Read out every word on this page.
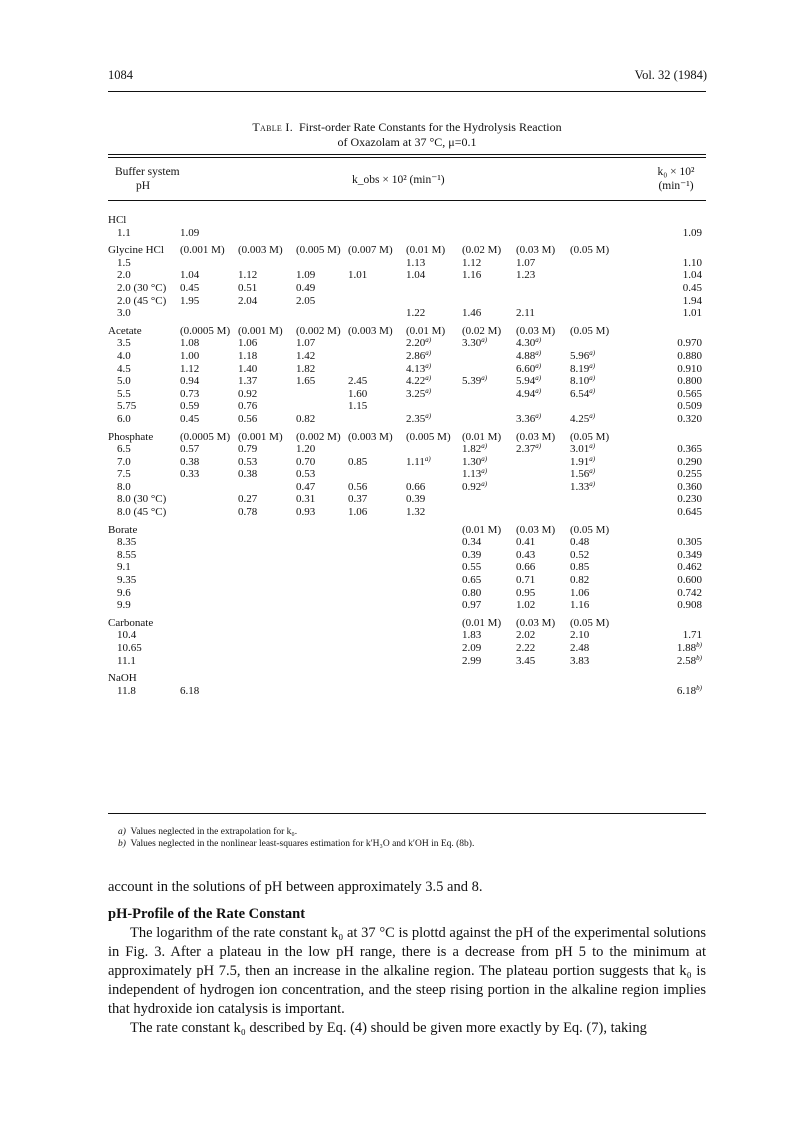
1084	Vol. 32 (1984)
Table I. First-order Rate Constants for the Hydrolysis Reaction
of Oxazolam at 37 °C, μ=0.1
Buffer system
pH	k_obs × 10² (min⁻¹)
k₀ × 10²
(min⁻¹)
HCl									
1.1	1.09								1.09

Glycine HCl	(0.001 M)	(0.003 M)	(0.005 M)	(0.007 M)	(0.01 M)	(0.02 M)	(0.03 M)	(0.05 M)	
1.5					1.13	1.12	1.07		1.10
2.0	1.04	1.12	1.09	1.01	1.04	1.16	1.23		1.04
2.0 (30 °C)	0.45	0.51	0.49						0.45
2.0 (45 °C)	1.95	2.04	2.05						1.94
3.0					1.22	1.46	2.11		1.01

Acetate	(0.0005 M)	(0.001 M)	(0.002 M)	(0.003 M)	(0.01 M)	(0.02 M)	(0.03 M)	(0.05 M)	
3.5	1.08	1.06	1.07		2.20$^{a)}$	3.30$^{a)}$	4.30$^{a)}$		0.970
4.0	1.00	1.18	1.42		2.86$^{a)}$		4.88$^{a)}$	5.96$^{a)}$	0.880
4.5	1.12	1.40	1.82		4.13$^{a)}$		6.60$^{a)}$	8.19$^{a)}$	0.910
5.0	0.94	1.37	1.65	2.45	4.22$^{a)}$	5.39$^{a)}$	5.94$^{a)}$	8.10$^{a)}$	0.800
5.5	0.73	0.92		1.60	3.25$^{a)}$		4.94$^{a)}$	6.54$^{a)}$	0.565
5.75	0.59	0.76		1.15					0.509
6.0	0.45	0.56	0.82		2.35$^{a)}$		3.36$^{a)}$	4.25$^{a)}$	0.320

Phosphate	(0.0005 M)	(0.001 M)	(0.002 M)	(0.003 M)	(0.005 M)	(0.01 M)	(0.03 M)	(0.05 M)	
6.5	0.57	0.79	1.20			1.82$^{a)}$	2.37$^{a)}$	3.01$^{a)}$	0.365
7.0	0.38	0.53	0.70	0.85	1.11$^{a)}$	1.30$^{a)}$		1.91$^{a)}$	0.290
7.5	0.33	0.38	0.53			1.13$^{a)}$		1.56$^{a)}$	0.255
8.0			0.47	0.56	0.66	0.92$^{a)}$		1.33$^{a)}$	0.360
8.0 (30 °C)		0.27	0.31	0.37	0.39				0.230
8.0 (45 °C)		0.78	0.93	1.06	1.32				0.645

Borate						(0.01 M)	(0.03 M)	(0.05 M)	
8.35						0.34	0.41	0.48	0.305
8.55						0.39	0.43	0.52	0.349
9.1						0.55	0.66	0.85	0.462
9.35						0.65	0.71	0.82	0.600
9.6						0.80	0.95	1.06	0.742
9.9						0.97	1.02	1.16	0.908

Carbonate						(0.01 M)	(0.03 M)	(0.05 M)	
10.4						1.83	2.02	2.10	1.71
10.65						2.09	2.22	2.48	1.88$^{b)}$
11.1						2.99	3.45	3.83	2.58$^{b)}$

NaOH									
11.8	6.18								6.18$^{b)}$
a) Values neglected in the extrapolation for k₀.
b) Values neglected in the nonlinear least-squares estimation for k′H₃O and k′OH in Eq. (8b).
account in the solutions of pH between approximately 3.5 and 8.
pH-Profile of the Rate Constant
The logarithm of the rate constant k₀ at 37 °C is plottd against the pH of the experimental solutions in Fig. 3. After a plateau in the low pH range, there is a decrease from pH 5 to the minimum at approximately pH 7.5, then an increase in the alkaline region. The plateau portion suggests that k₀ is independent of hydrogen ion concentration, and the steep rising portion in the alkaline region implies that hydroxide ion catalysis is important.
The rate constant k₀ described by Eq. (4) should be given more exactly by Eq. (7), taking
